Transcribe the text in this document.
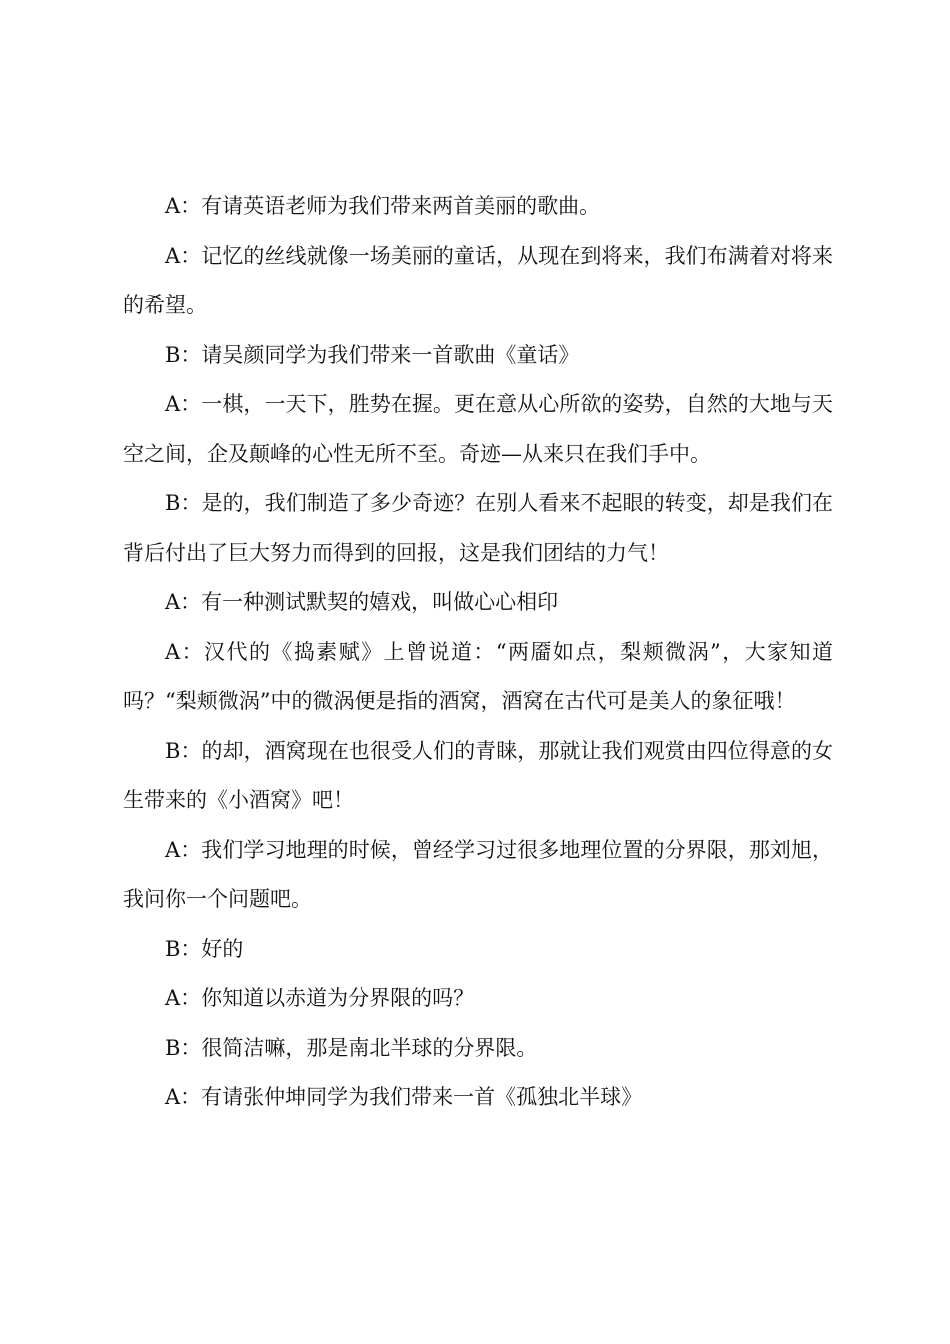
A：有请英语老师为我们带来两首美丽的歌曲。

A：记忆的丝线就像一场美丽的童话，从现在到将来，我们布满着对将来的希望。

B：请吴颜同学为我们带来一首歌曲《童话》

A：一棋，一天下，胜势在握。更在意从心所欲的姿势，自然的大地与天空之间，企及颠峰的心性无所不至。奇迹—从来只在我们手中。

B：是的，我们制造了多少奇迹？在别人看来不起眼的转变，却是我们在背后付出了巨大努力而得到的回报，这是我们团结的力气！

A：有一种测试默契的嬉戏，叫做心心相印

A：汉代的《捣素赋》上曾说道：“两靥如点，梨颊微涡”，大家知道吗？“梨颊微涡”中的微涡便是指的酒窝，酒窝在古代可是美人的象征哦！

B：的却，酒窝现在也很受人们的青睐，那就让我们观赏由四位得意的女生带来的《小酒窝》吧！

A：我们学习地理的时候，曾经学习过很多地理位置的分界限，那刘旭，我问你一个问题吧。

B：好的

A：你知道以赤道为分界限的吗？

B：很简洁嘛，那是南北半球的分界限。

A：有请张仲坤同学为我们带来一首《孤独北半球》
